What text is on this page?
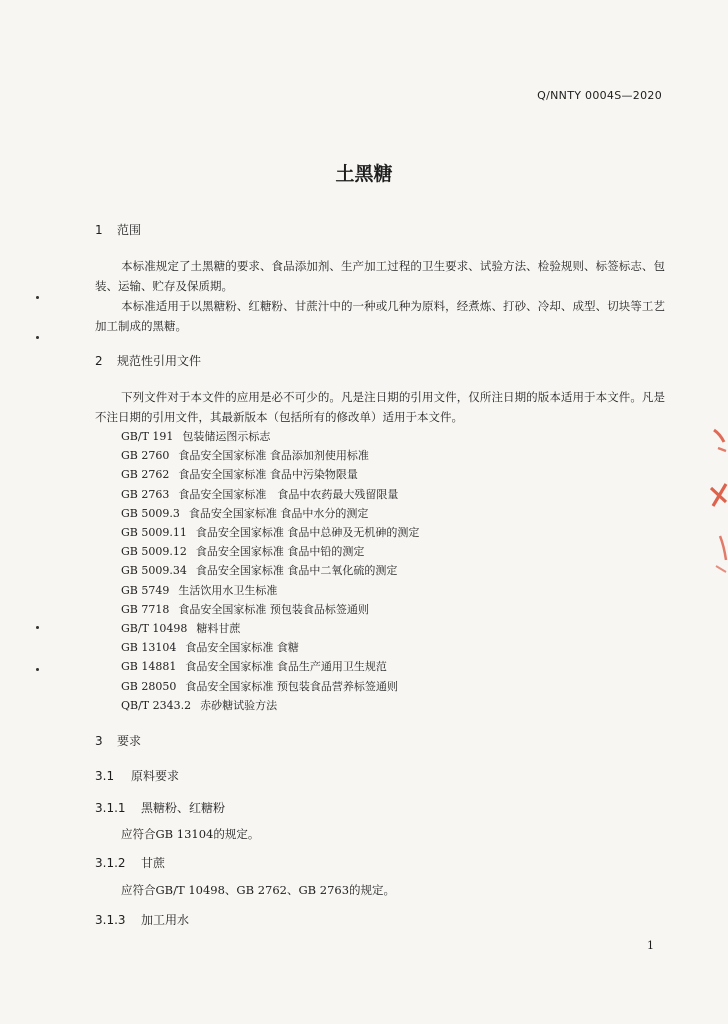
Q/NNTY 0004S—2020
土黑糖
1 范围
本标准规定了土黑糖的要求、食品添加剂、生产加工过程的卫生要求、试验方法、检验规则、标签标志、包装、运输、贮存及保质期。
本标准适用于以黑糖粉、红糖粉、甘蔗汁中的一种或几种为原料，经煮炼、打砂、冷却、成型、切块等工艺加工制成的黑糖。
2 规范性引用文件
下列文件对于本文件的应用是必不可少的。凡是注日期的引用文件，仅所注日期的版本适用于本文件。凡是不注日期的引用文件，其最新版本（包括所有的修改单）适用于本文件。
GB/T 191 包装储运图示标志
GB 2760 食品安全国家标准 食品添加剂使用标准
GB 2762 食品安全国家标准 食品中污染物限量
GB 2763 食品安全国家标准　食品中农药最大残留限量
GB 5009.3 食品安全国家标准 食品中水分的测定
GB 5009.11 食品安全国家标准 食品中总砷及无机砷的测定
GB 5009.12 食品安全国家标准 食品中铅的测定
GB 5009.34 食品安全国家标准 食品中二氧化硫的测定
GB 5749 生活饮用水卫生标准
GB 7718 食品安全国家标准 预包装食品标签通则
GB/T 10498 糖料甘蔗
GB 13104 食品安全国家标准 食糖
GB 14881 食品安全国家标准 食品生产通用卫生规范
GB 28050 食品安全国家标准 预包装食品营养标签通则
QB/T 2343.2 赤砂糖试验方法
3 要求
3.1 原料要求
3.1.1 黑糖粉、红糖粉
应符合GB 13104的规定。
3.1.2 甘蔗
应符合GB/T 10498、GB 2762、GB 2763的规定。
3.1.3 加工用水
1
